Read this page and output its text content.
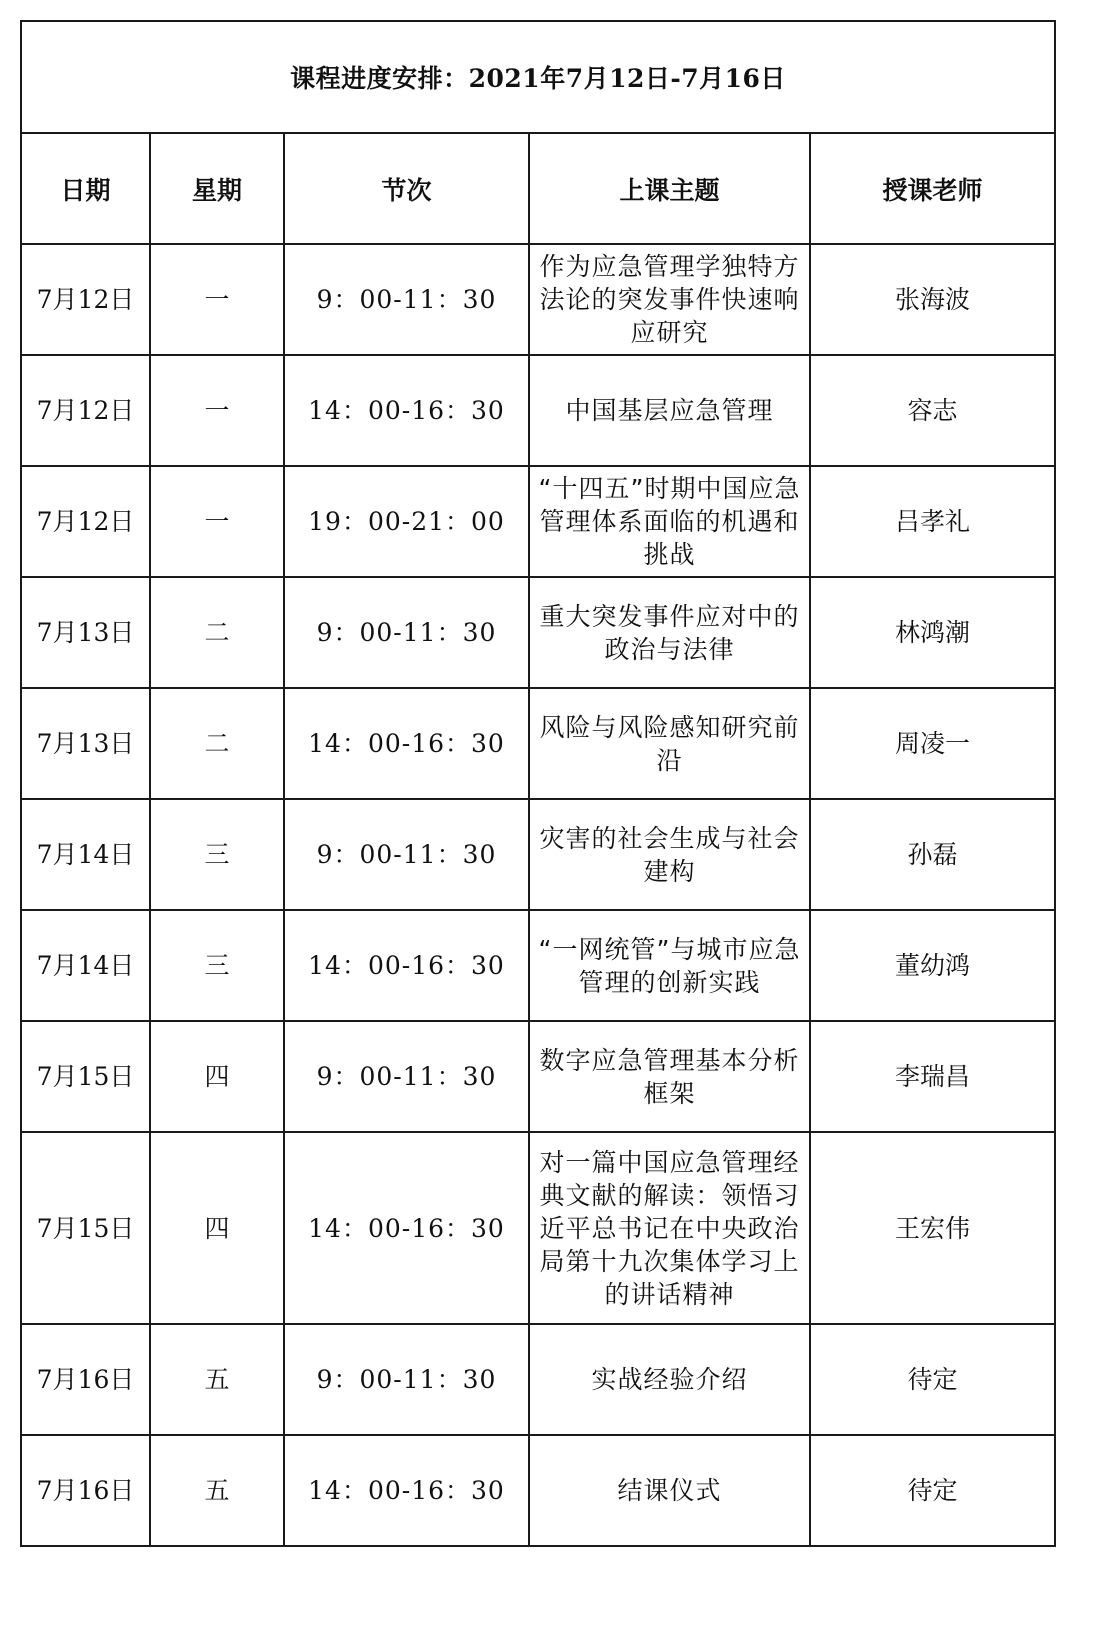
课程进度安排：2021年7月12日-7月16日				
日期	星期	节次	上课主题	授课老师
7月12日	一	9：00-11：30	作为应急管理学独特方法论的突发事件快速响应研究	张海波
7月12日	一	14：00-16：30	中国基层应急管理	容志
7月12日	一	19：00-21：00	“十四五”时期中国应急管理体系面临的机遇和挑战	吕孝礼
7月13日	二	9：00-11：30	重大突发事件应对中的政治与法律	林鸿潮
7月13日	二	14：00-16：30	风险与风险感知研究前沿	周凌一
7月14日	三	9：00-11：30	灾害的社会生成与社会建构	孙磊
7月14日	三	14：00-16：30	“一网统管”与城市应急管理的创新实践	董幼鸿
7月15日	四	9：00-11：30	数字应急管理基本分析框架	李瑞昌
7月15日	四	14：00-16：30	对一篇中国应急管理经典文献的解读：领悟习近平总书记在中央政治局第十九次集体学习上的讲话精神	王宏伟
7月16日	五	9：00-11：30	实战经验介绍	待定
7月16日	五	14：00-16：30	结课仪式	待定
